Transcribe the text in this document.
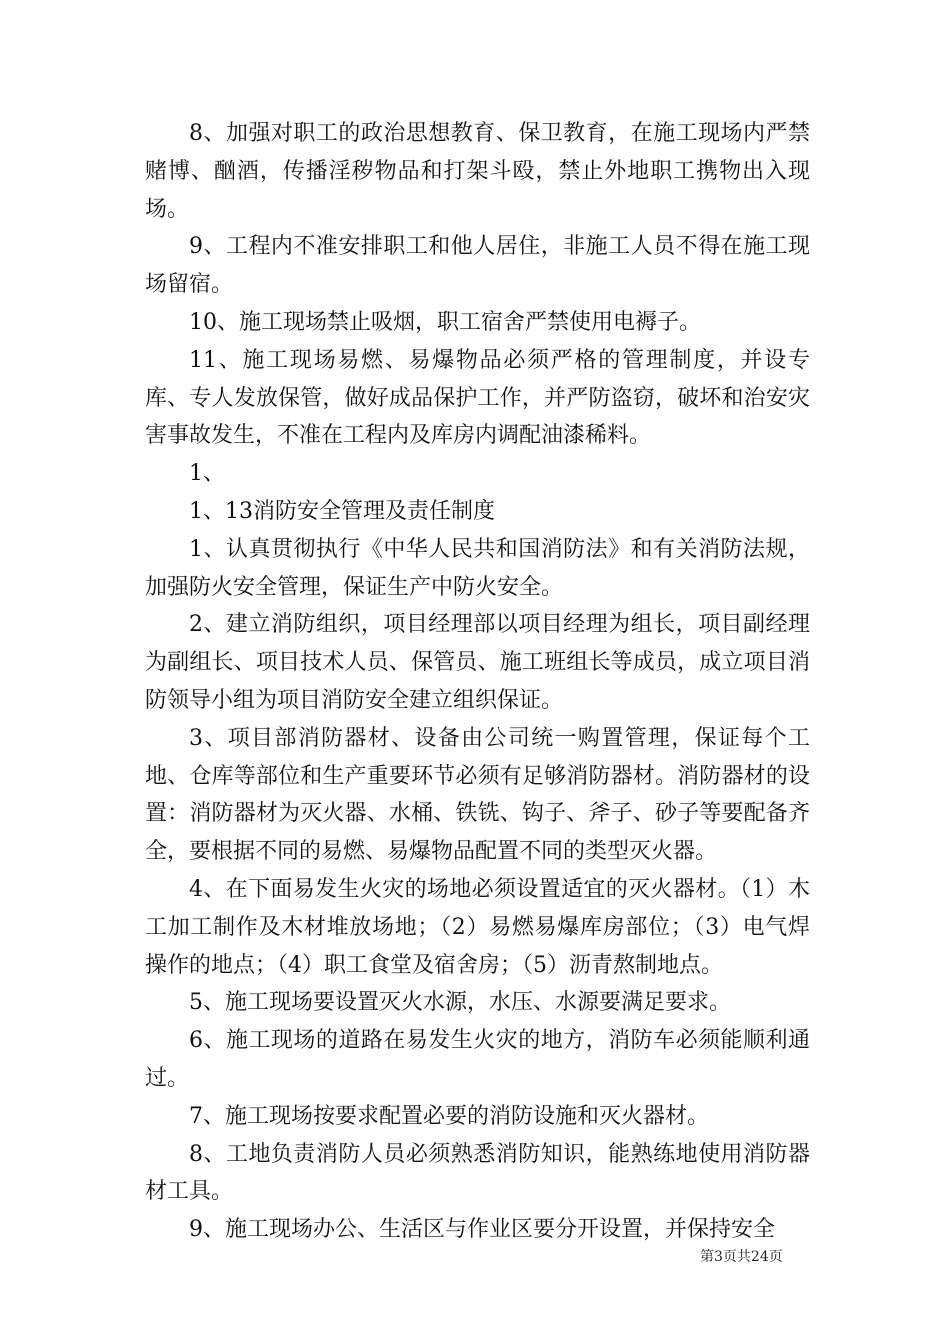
8、加强对职工的政治思想教育、保卫教育，在施工现场内严禁赌博、酗酒，传播淫秽物品和打架斗殴，禁止外地职工携物出入现场。

9、工程内不准安排职工和他人居住，非施工人员不得在施工现场留宿。

10、施工现场禁止吸烟，职工宿舍严禁使用电褥子。

11、施工现场易燃、易爆物品必须严格的管理制度，并设专库、专人发放保管，做好成品保护工作，并严防盗窃，破坏和治安灾害事故发生，不准在工程内及库房内调配油漆稀料。

1、

1、13消防安全管理及责任制度

1、认真贯彻执行《中华人民共和国消防法》和有关消防法规，加强防火安全管理，保证生产中防火安全。

2、建立消防组织，项目经理部以项目经理为组长，项目副经理为副组长、项目技术人员、保管员、施工班组长等成员，成立项目消防领导小组为项目消防安全建立组织保证。

3、项目部消防器材、设备由公司统一购置管理，保证每个工地、仓库等部位和生产重要环节必须有足够消防器材。消防器材的设置：消防器材为灭火器、水桶、铁铣、钩子、斧子、砂子等要配备齐全，要根据不同的易燃、易爆物品配置不同的类型灭火器。

4、在下面易发生火灾的场地必须设置适宜的灭火器材。（1）木工加工制作及木材堆放场地；（2）易燃易爆库房部位；（3）电气焊操作的地点；（4）职工食堂及宿舍房；（5）沥青熬制地点。

5、施工现场要设置灭火水源，水压、水源要满足要求。

6、施工现场的道路在易发生火灾的地方，消防车必须能顺利通过。

7、施工现场按要求配置必要的消防设施和灭火器材。

8、工地负责消防人员必须熟悉消防知识，能熟练地使用消防器材工具。

9、施工现场办公、生活区与作业区要分开设置，并保持安全

第3页共24页
